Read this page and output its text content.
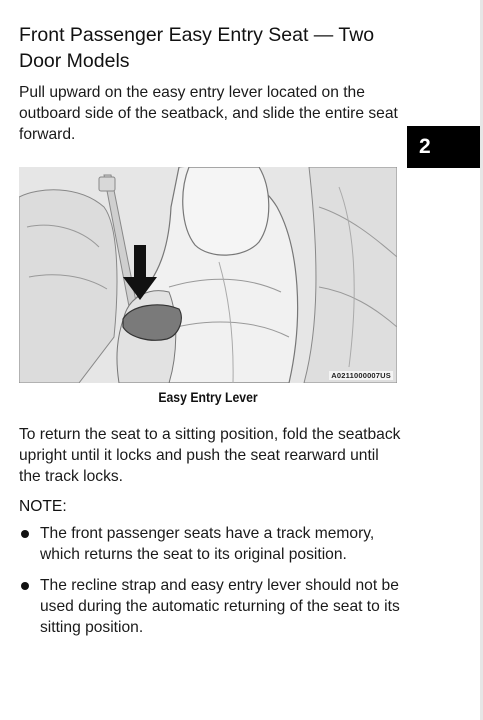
Front Passenger Easy Entry Seat — Two Door Models

Pull upward on the easy entry lever located on the outboard side of the seatback, and slide the entire seat forward.

2
A0211000007US
Easy Entry Lever

To return the seat to a sitting position, fold the seatback upright until it locks and push the seat rearward until the track locks.

NOTE:
The front passenger seats have a track memory, which returns the seat to its original position.
The recline strap and easy entry lever should not be used during the automatic returning of the seat to its sitting position.
